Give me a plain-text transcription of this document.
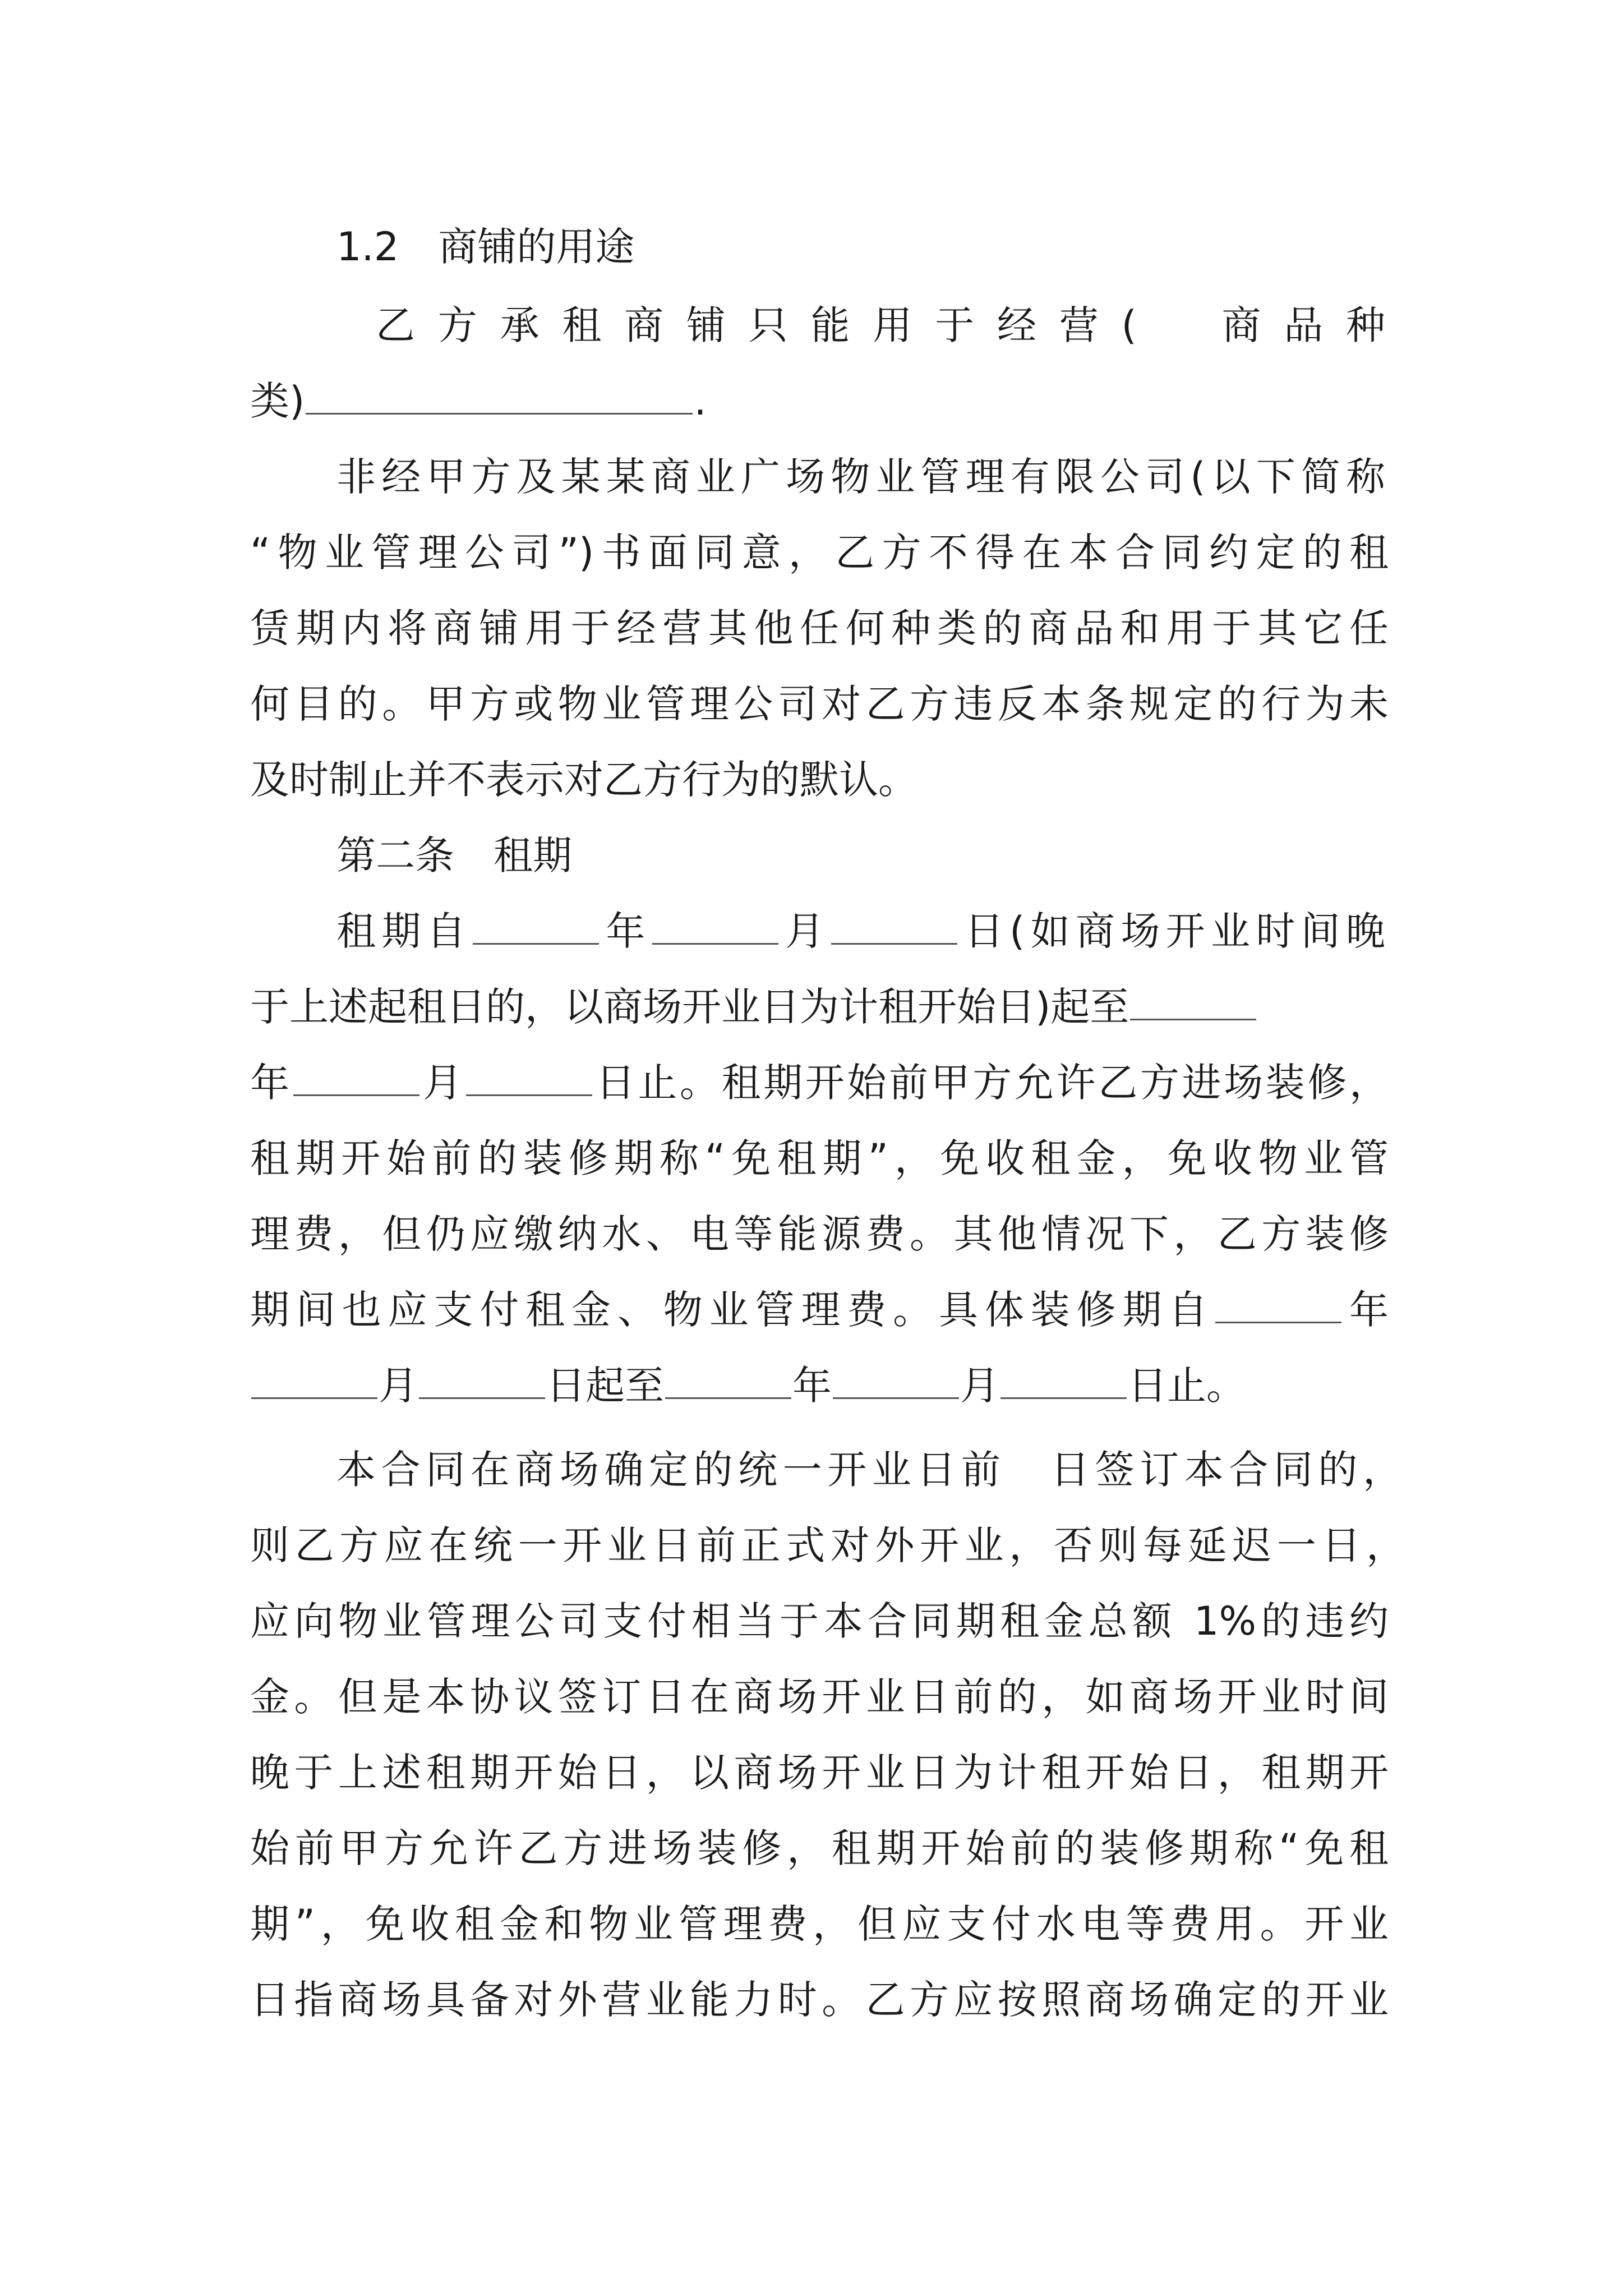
1.2　商铺的用途
乙方承租商铺只能用于经营(　商品种
类)	.
非经甲方及某某商业广场物业管理有限公司(以下简称
“物业管理公司”)书面同意，乙方不得在本合同约定的租
赁期内将商铺用于经营其他任何种类的商品和用于其它任
何目的。甲方或物业管理公司对乙方违反本条规定的行为未
及时制止并不表示对乙方行为的默认。
第二条　租期
租期自	年	月	日(如商场开业时间晚
于上述起租日的，以商场开业日为计租开始日)起至
年	月	日止。租期开始前甲方允许乙方进场装修，
租期开始前的装修期称“免租期”，免收租金，免收物业管
理费，但仍应缴纳水、电等能源费。其他情况下，乙方装修
期间也应支付租金、物业管理费。具体装修期自	年
月	日起至	年	月	日止。
本合同在商场确定的统一开业日前　日签订本合同的，
则乙方应在统一开业日前正式对外开业，否则每延迟一日，
应向物业管理公司支付相当于本合同期租金总额 1%的违约
金。但是本协议签订日在商场开业日前的，如商场开业时间
晚于上述租期开始日，以商场开业日为计租开始日，租期开
始前甲方允许乙方进场装修，租期开始前的装修期称“免租
期”，免收租金和物业管理费，但应支付水电等费用。开业
日指商场具备对外营业能力时。乙方应按照商场确定的开业
